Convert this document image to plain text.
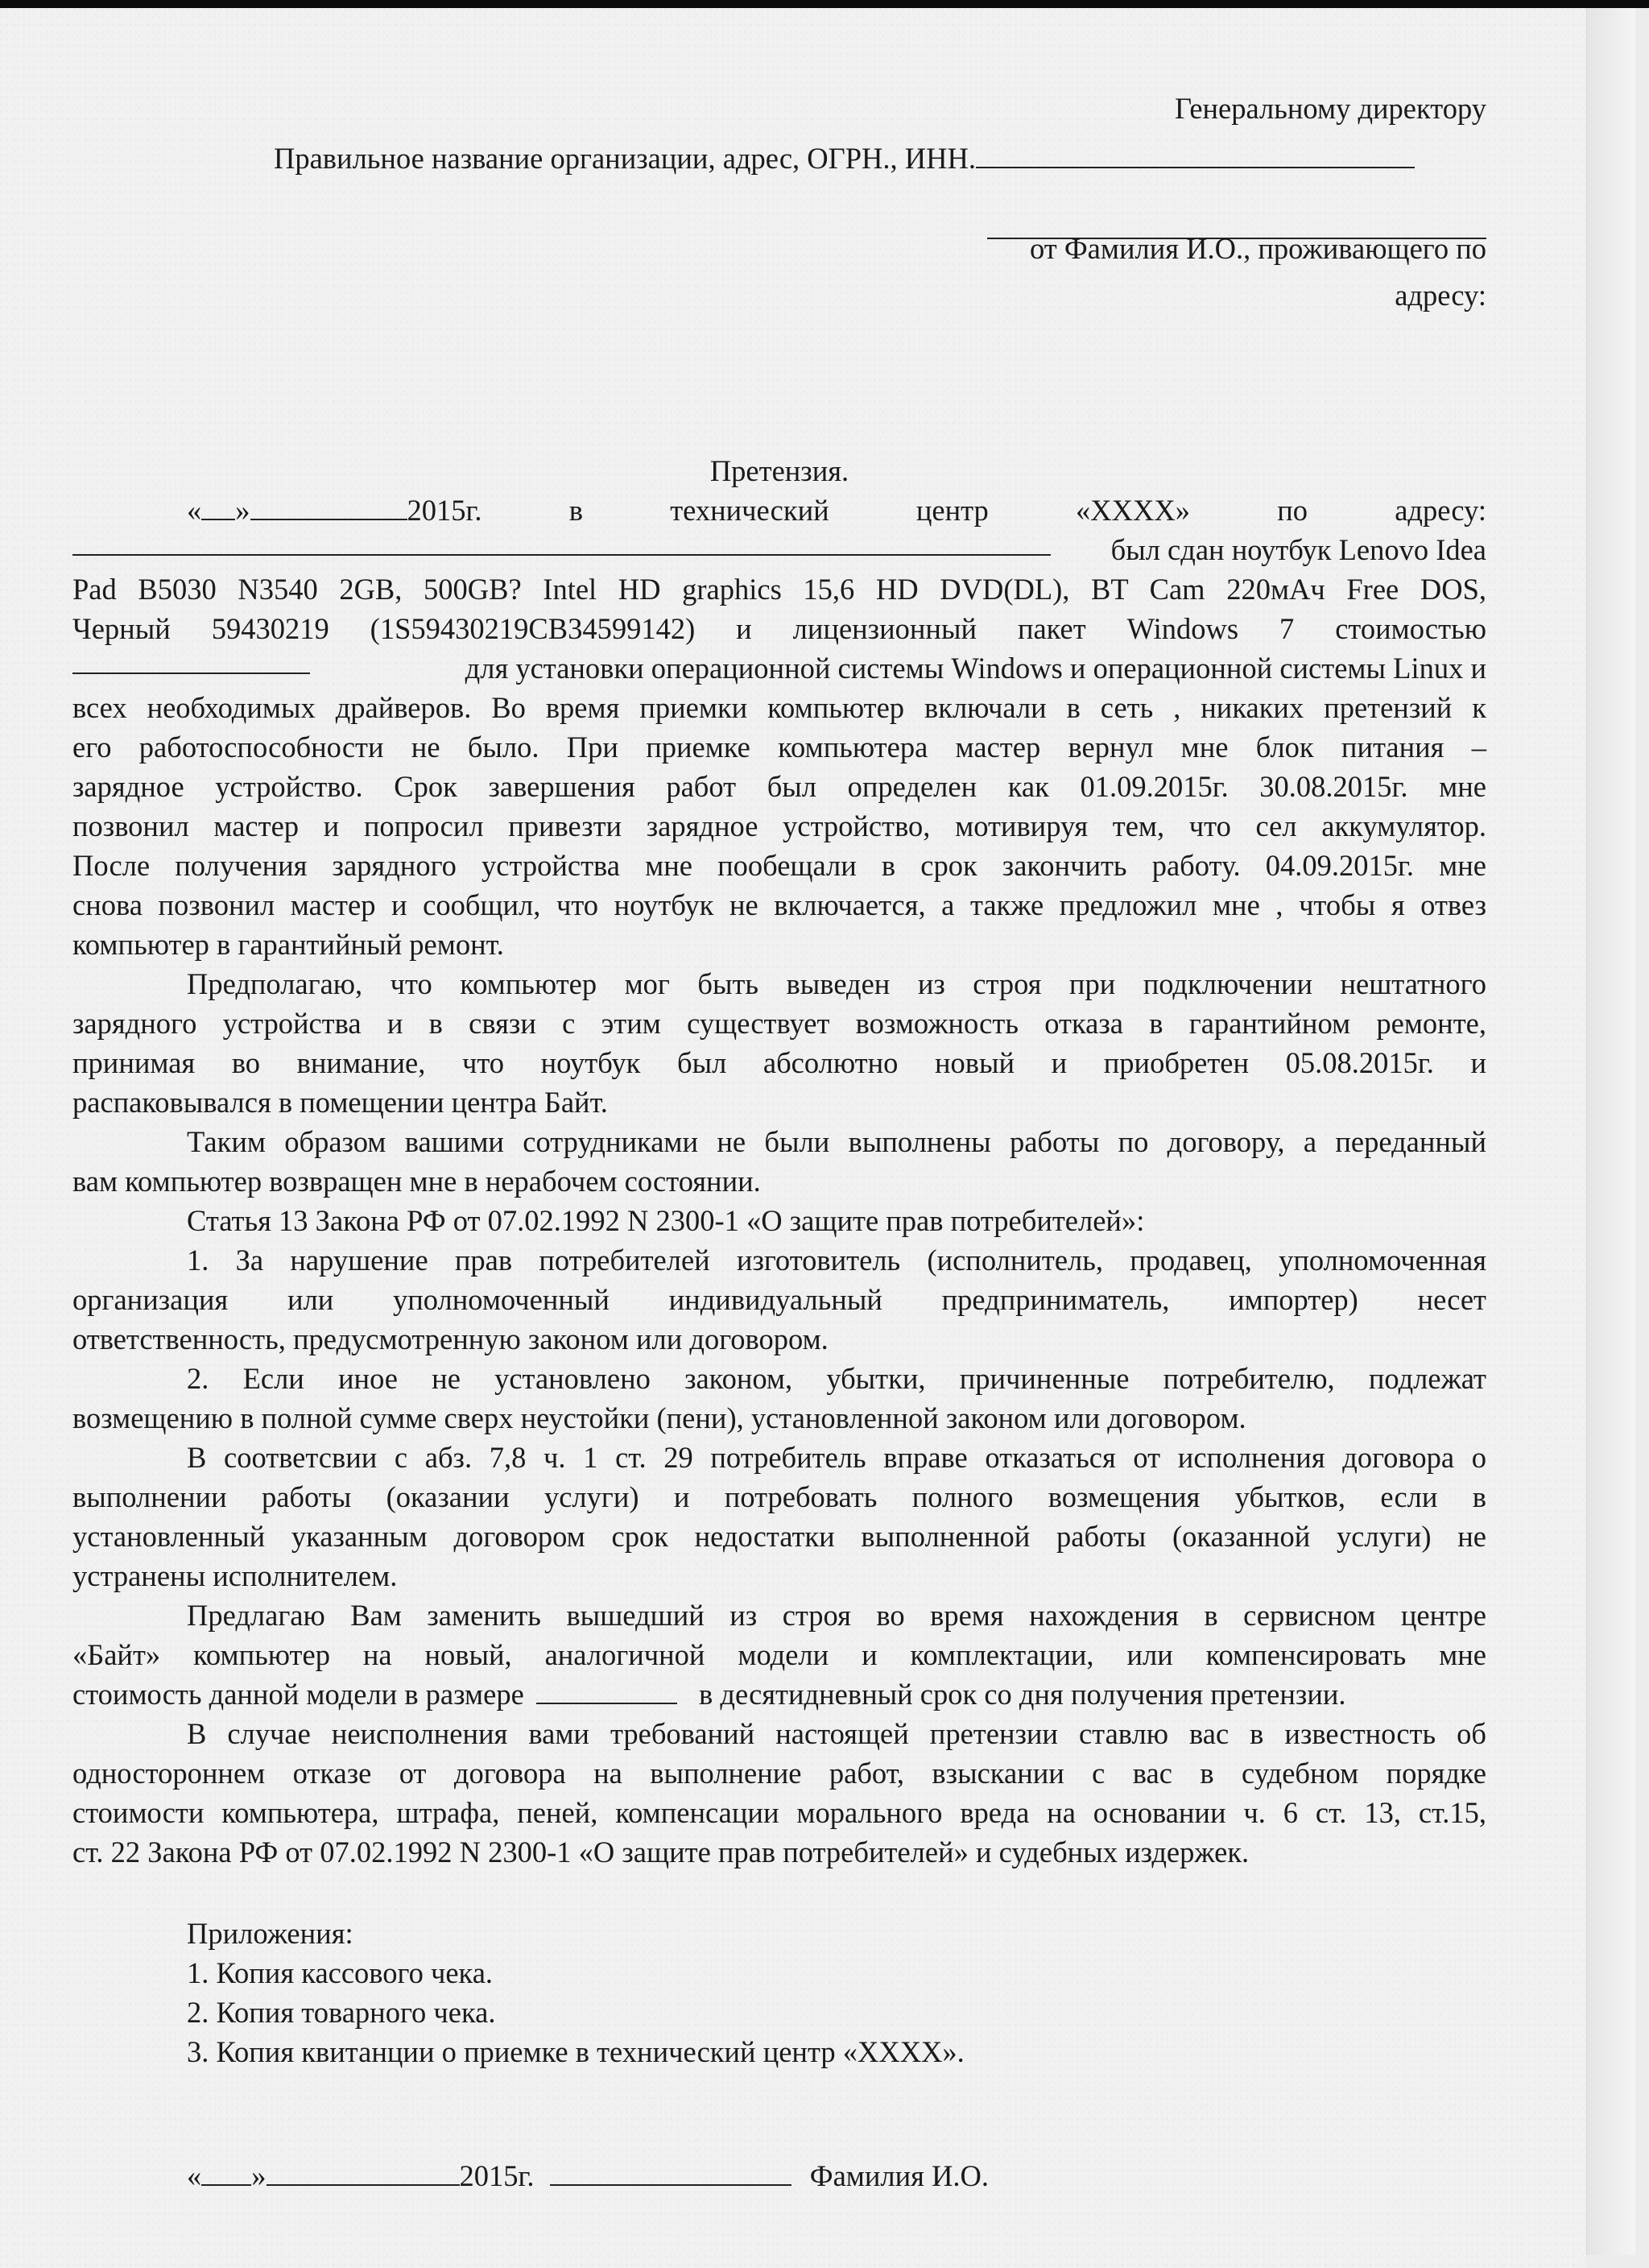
Генеральному директору
Правильное название организации, адрес, ОГРН., ИНН.
от Фамилия И.О., проживающего по
адресу:
Претензия.
« »	2015г.	в	технический	центр	«XXXX»	по	адресу:
был сдан ноутбук Lenovo Idea
Pad B5030 N3540 2GB, 500GB? Intel HD graphics 15,6 HD DVD(DL), BT Cam 220мАч Free DOS,
Черный 59430219 (1S59430219CB34599142) и лицензионный пакет Windows 7 стоимостью
для установки операционной системы Windows и операционной системы Linux и
всех необходимых драйверов. Во время приемки компьютер включали в сеть , никаких претензий к
его работоспособности не было. При приемке компьютера мастер вернул мне блок питания –
зарядное устройство. Срок завершения работ был определен как 01.09.2015г. 30.08.2015г. мне
позвонил мастер и попросил привезти зарядное устройство, мотивируя тем, что сел аккумулятор.
После получения зарядного устройства мне пообещали в срок закончить работу. 04.09.2015г. мне
снова позвонил мастер и сообщил, что ноутбук не включается, а также предложил мне , чтобы я отвез
компьютер в гарантийный ремонт.
Предполагаю, что компьютер мог быть выведен из строя при подключении нештатного
зарядного устройства и в связи с этим существует возможность отказа в гарантийном ремонте,
принимая во внимание, что ноутбук был абсолютно новый и приобретен 05.08.2015г. и
распаковывался в помещении центра Байт.
Таким образом вашими сотрудниками не были выполнены работы по договору, а переданный
вам компьютер возвращен мне в нерабочем состоянии.
Статья 13 Закона РФ от 07.02.1992 N 2300-1 «О защите прав потребителей»:
1. За нарушение прав потребителей изготовитель (исполнитель, продавец, уполномоченная
организация или уполномоченный индивидуальный предприниматель, импортер) несет
ответственность, предусмотренную законом или договором.
2. Если иное не установлено законом, убытки, причиненные потребителю, подлежат
возмещению в полной сумме сверх неустойки (пени), установленной законом или договором.
В соответсвии с абз. 7,8 ч. 1 ст. 29 потребитель вправе отказаться от исполнения договора о
выполнении работы (оказании услуги) и потребовать полного возмещения убытков, если в
установленный указанным договором срок недостатки выполненной работы (оказанной услуги) не
устранены исполнителем.
Предлагаю Вам заменить вышедший из строя во время нахождения в сервисном центре
«Байт» компьютер на новый, аналогичной модели и комплектации, или компенсировать мне
стоимость данной модели в размере	в десятидневный срок со дня получения претензии.
В случае неисполнения вами требований настоящей претензии ставлю вас в известность об
одностороннем отказе от договора на выполнение работ, взыскании с вас в судебном порядке
стоимости компьютера, штрафа, пеней, компенсации морального вреда на основании ч. 6 ст. 13, ст.15,
ст. 22 Закона РФ от 07.02.1992 N 2300-1 «О защите прав потребителей» и судебных издержек.
Приложения:
1. Копия кассового чека.
2. Копия товарного чека.
3. Копия квитанции о приемке в технический центр «XXXX».
« »	2015г.	Фамилия И.О.
